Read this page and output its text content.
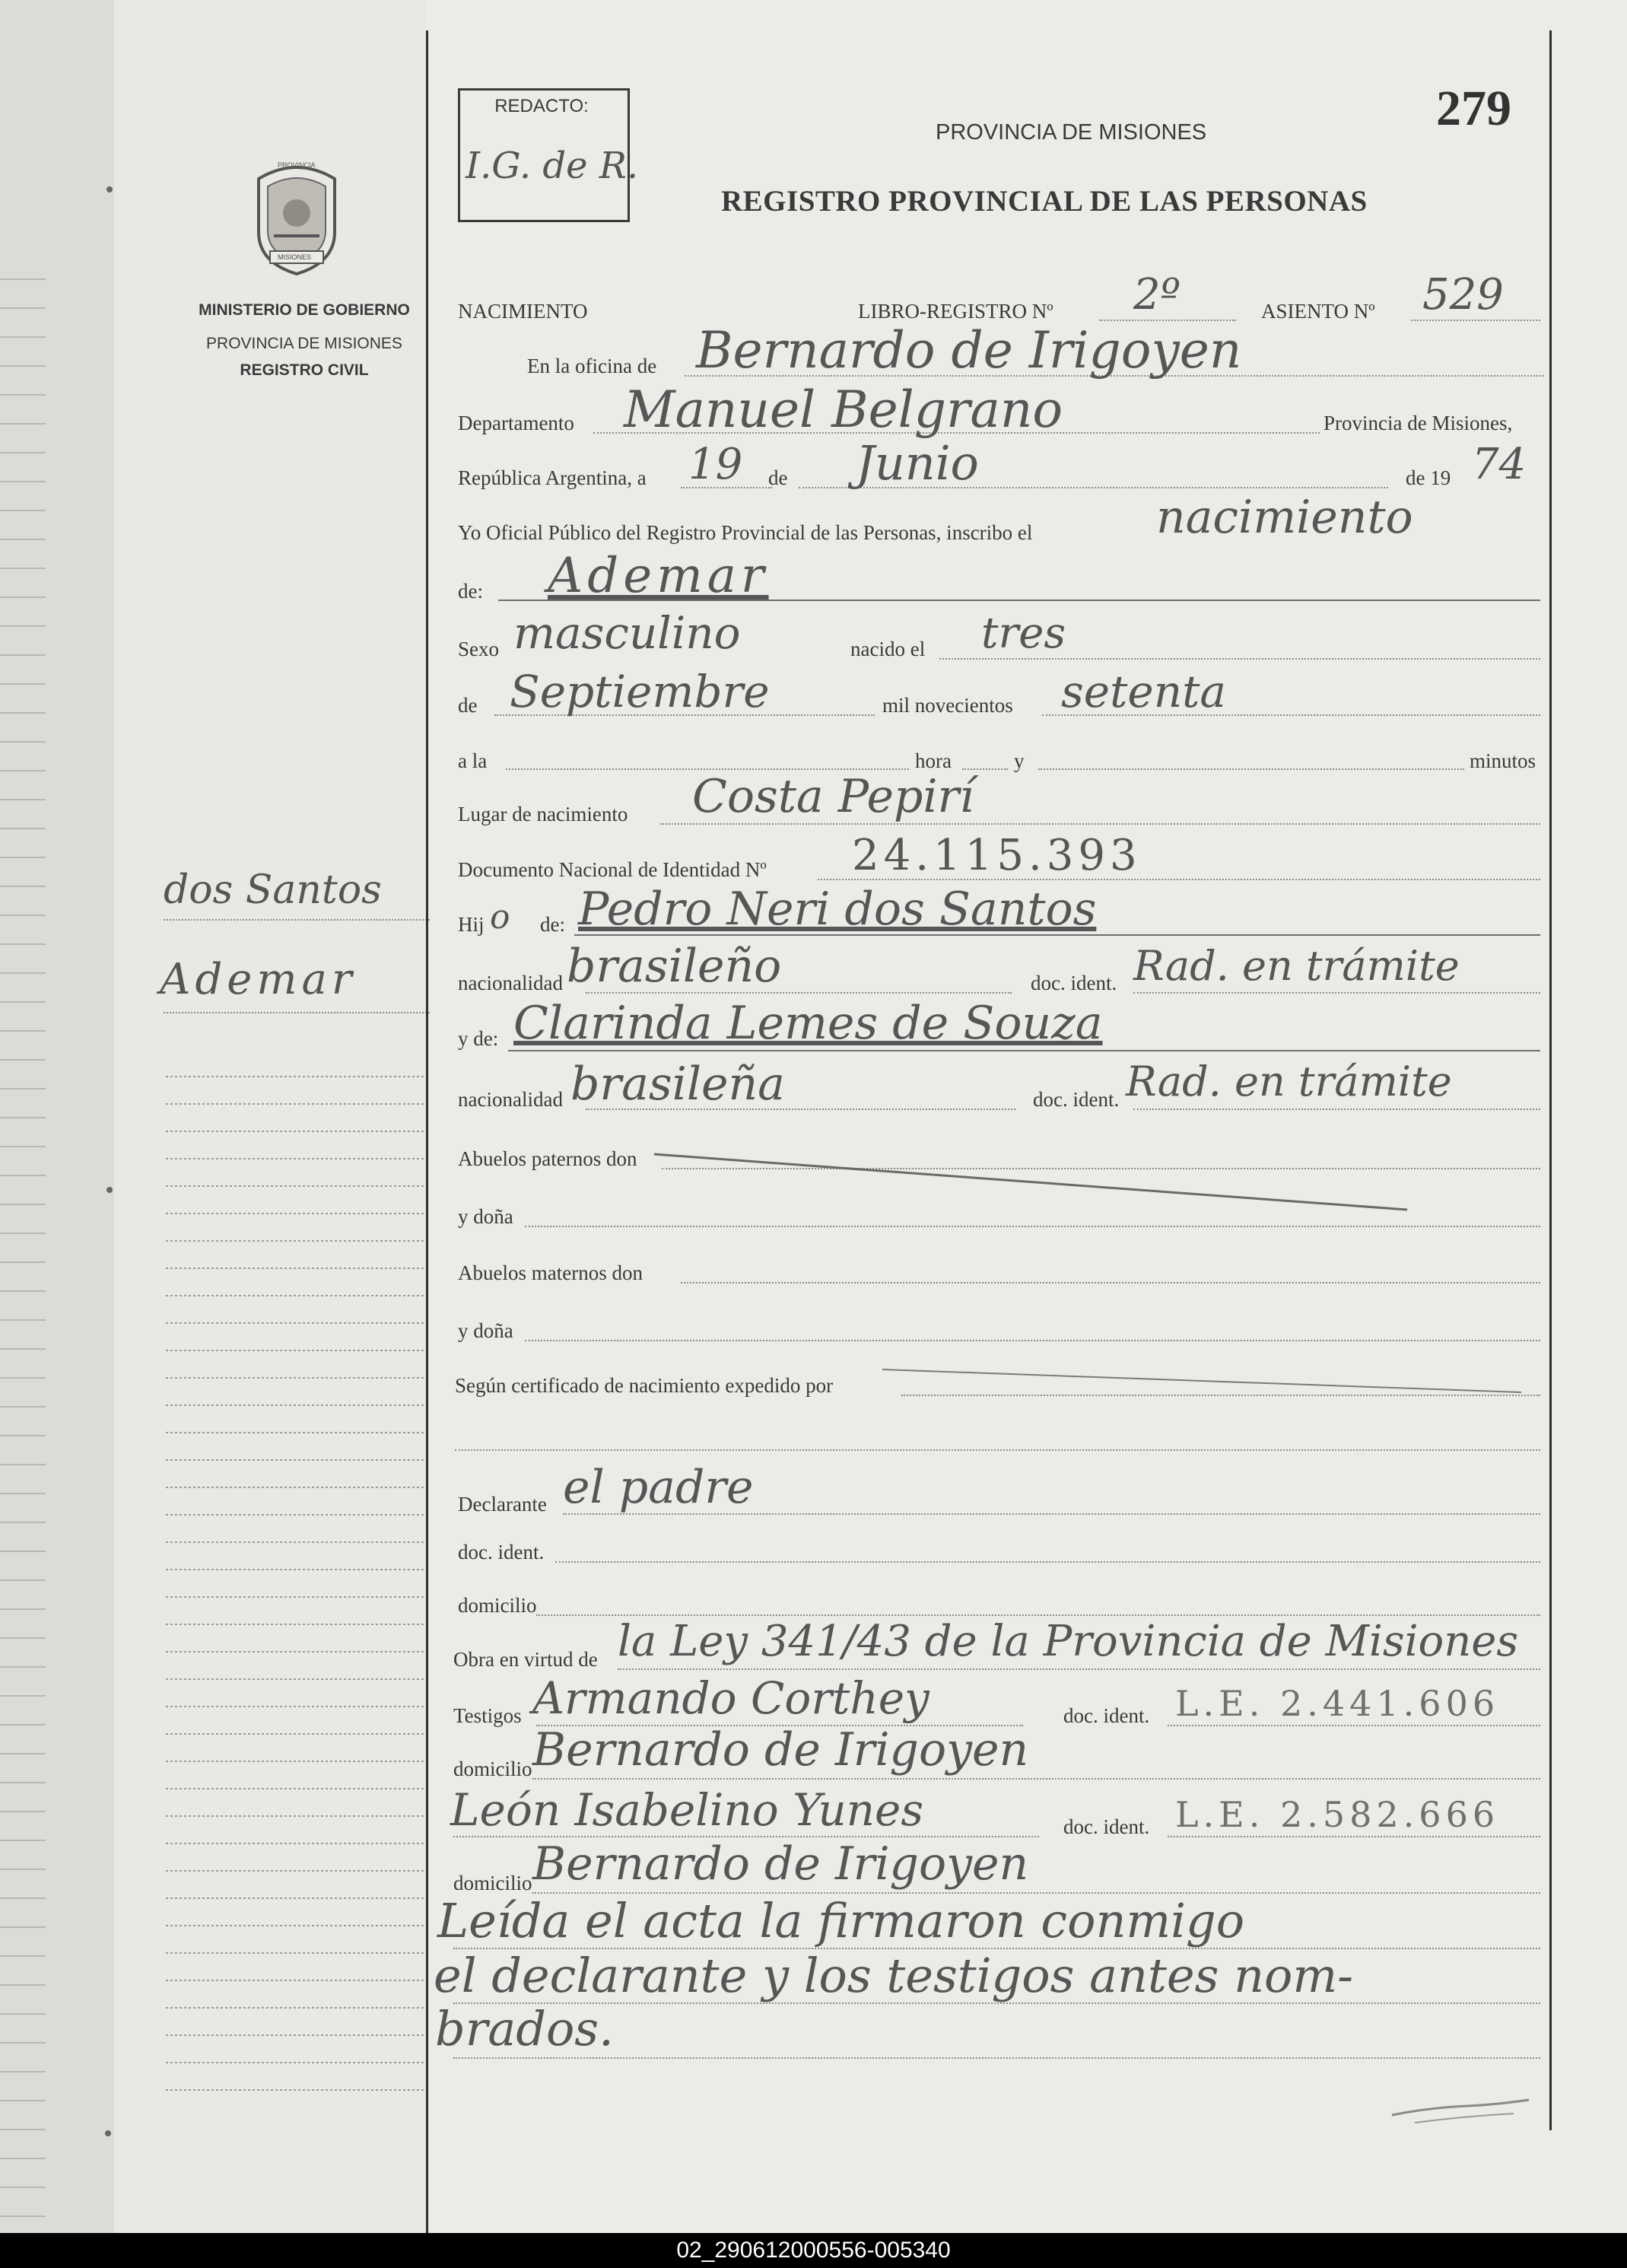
PROVINCIA
MISIONES
MINISTERIO DE GOBIERNO
PROVINCIA DE MISIONES
REGISTRO CIVIL
dos Santos
Ademar
REDACTO:
I.G. de R.
PROVINCIA DE MISIONES
REGISTRO PROVINCIAL DE LAS PERSONAS
279
NACIMIENTO	LIBRO-REGISTRO Nº 2º	ASIENTO Nº 529
En la oficina de Bernardo de Irigoyen
Departamento Manuel Belgrano	Provincia de Misiones,
República Argentina, a 19 de Junio	de 19 74
Yo Oficial Público del Registro Provincial de las Personas, inscribo el	nacimiento
de: Ademar
Sexo masculino	nacido el tres
de Septiembre	mil novecientos setenta
a la	hora	y	minutos
Lugar de nacimiento Costa Pepirí
Documento Nacional de Identidad Nº 24.115.393
Hij o de: Pedro Neri dos Santos
nacionalidad brasileño	doc. ident. Rad. en trámite
y de: Clarinda Lemes de Souza
nacionalidad brasileña	doc. ident. Rad. en trámite
Abuelos paternos don
y doña
Abuelos maternos don
y doña
Según certificado de nacimiento expedido por
Declarante el padre
doc. ident.
domicilio
Obra en virtud de la Ley 341/43 de la Provincia de Misiones
Testigos Armando Corthey	doc. ident. L.E. 2.441.606
domicilio Bernardo de Irigoyen
León Isabelino Yunes	doc. ident. L.E. 2.582.666
domicilio Bernardo de Irigoyen
Leída el acta la firmaron conmigo
el declarante y los testigos antes nom-
brados.
02_290612000556-005340
